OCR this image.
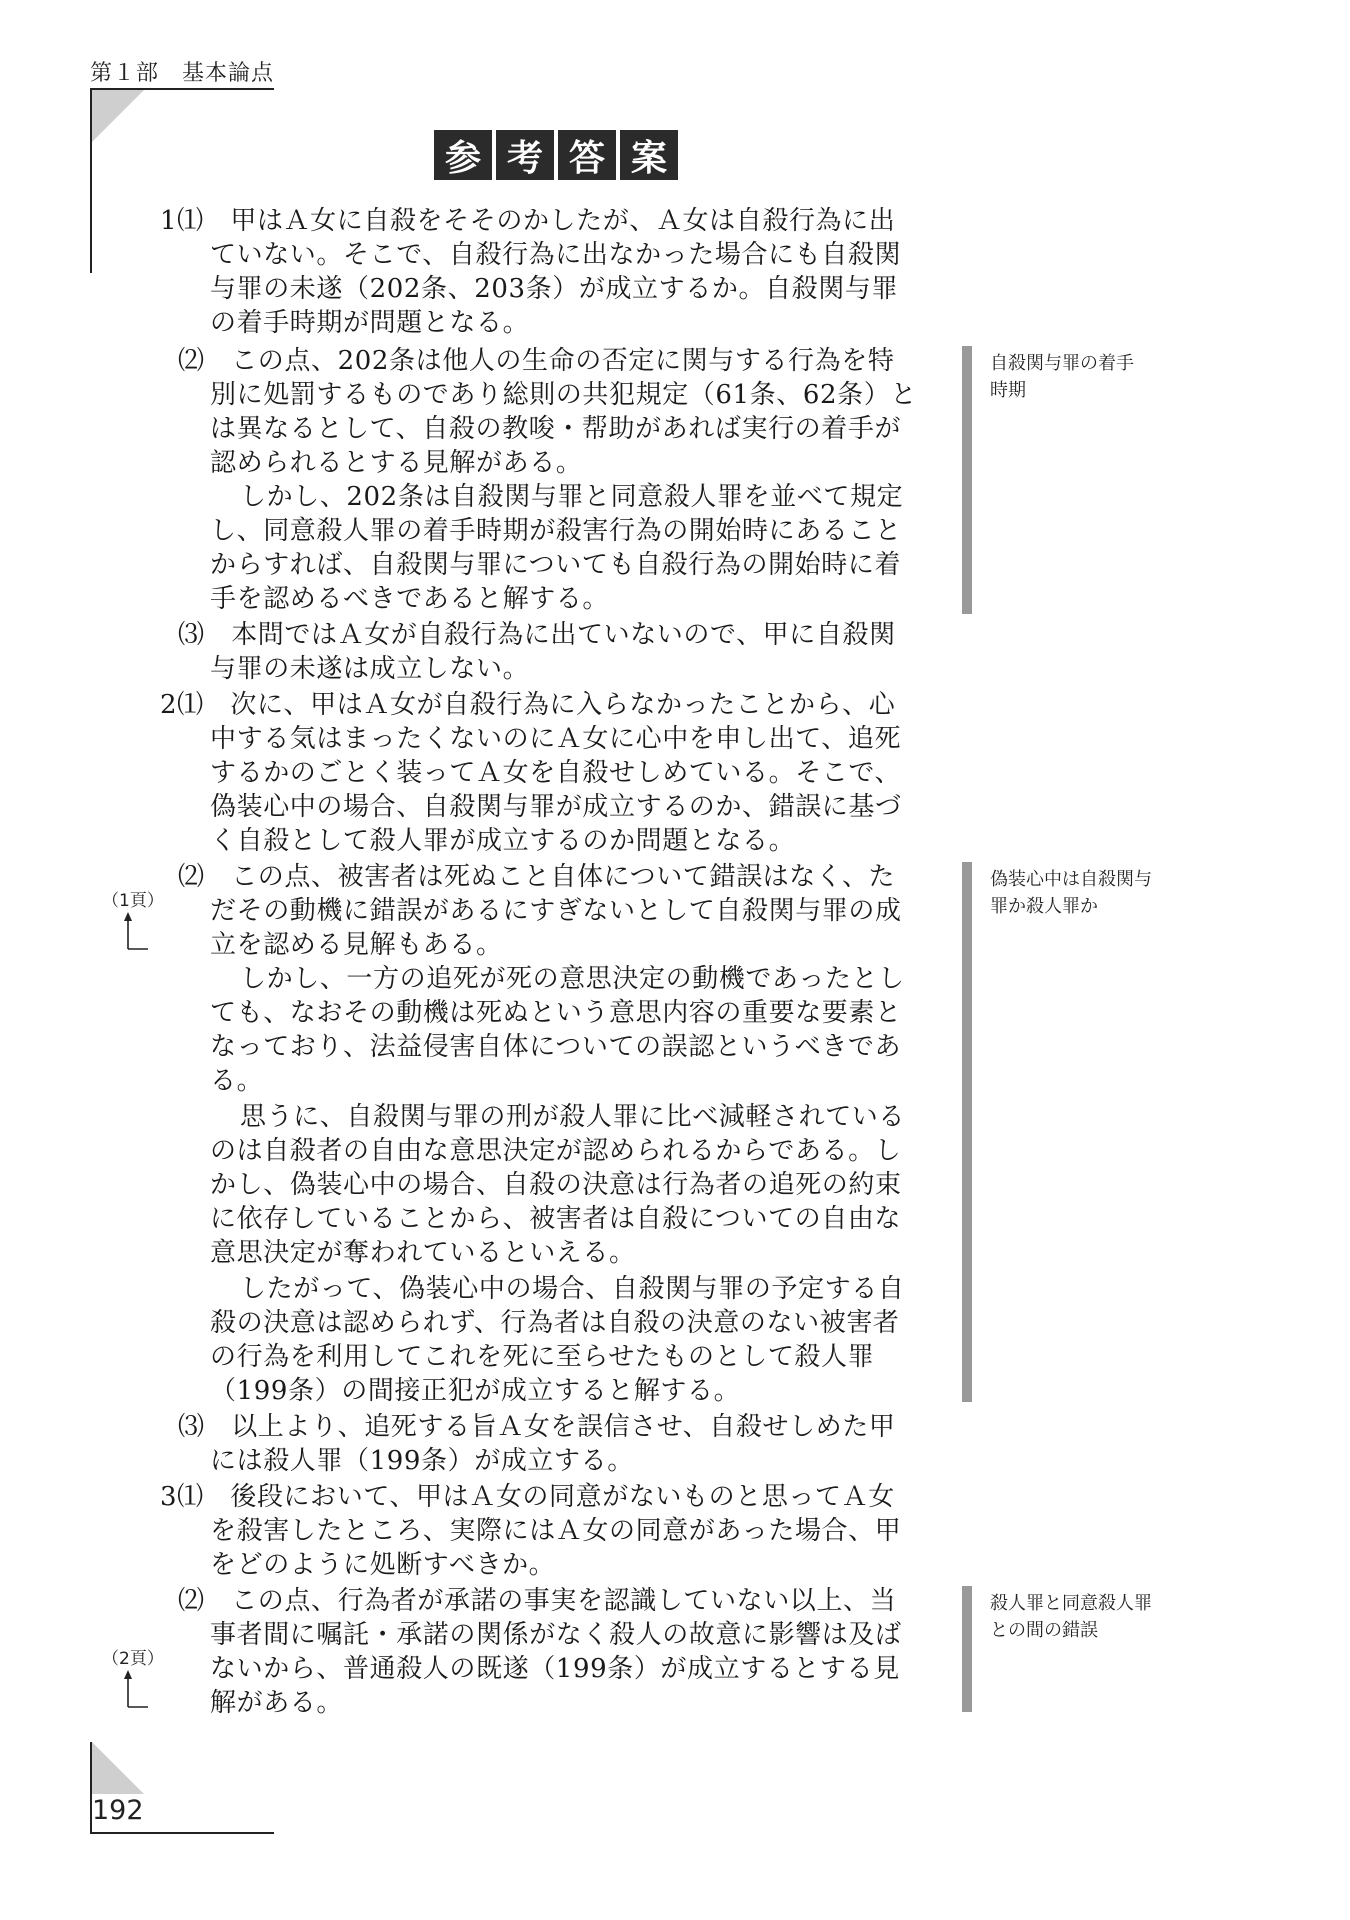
第１部　基本論点
参 考 答 案
1⑴　甲はＡ女に自殺をそそのかしたが、Ａ女は自殺行為に出
ていない。そこで、自殺行為に出なかった場合にも自殺関
与罪の未遂（202条、203条）が成立するか。自殺関与罪
の着手時期が問題となる。
⑵　この点、202条は他人の生命の否定に関与する行為を特
別に処罰するものであり総則の共犯規定（61条、62条）と
は異なるとして、自殺の教唆・帮助があれば実行の着手が
認められるとする見解がある。
しかし、202条は自殺関与罪と同意殺人罪を並べて規定
し、同意殺人罪の着手時期が殺害行為の開始時にあること
からすれば、自殺関与罪についても自殺行為の開始時に着
手を認めるべきであると解する。
⑶　本問ではＡ女が自殺行為に出ていないので、甲に自殺関
与罪の未遂は成立しない。
2⑴　次に、甲はＡ女が自殺行為に入らなかったことから、心
中する気はまったくないのにＡ女に心中を申し出て、追死
するかのごとく装ってＡ女を自殺せしめている。そこで、
偽装心中の場合、自殺関与罪が成立するのか、錯誤に基づ
く自殺として殺人罪が成立するのか問題となる。
⑵　この点、被害者は死ぬこと自体について錯誤はなく、た
だその動機に錯誤があるにすぎないとして自殺関与罪の成
立を認める見解もある。
しかし、一方の追死が死の意思決定の動機であったとし
ても、なおその動機は死ぬという意思内容の重要な要素と
なっており、法益侵害自体についての誤認というべきであ
る。
思うに、自殺関与罪の刑が殺人罪に比べ減軽されている
のは自殺者の自由な意思決定が認められるからである。し
かし、偽装心中の場合、自殺の決意は行為者の追死の約束
に依存していることから、被害者は自殺についての自由な
意思決定が奪われているといえる。
したがって、偽装心中の場合、自殺関与罪の予定する自
殺の決意は認められず、行為者は自殺の決意のない被害者
の行為を利用してこれを死に至らせたものとして殺人罪
（199条）の間接正犯が成立すると解する。
⑶　以上より、追死する旨Ａ女を誤信させ、自殺せしめた甲
には殺人罪（199条）が成立する。
3⑴　後段において、甲はＡ女の同意がないものと思ってＡ女
を殺害したところ、実際にはＡ女の同意があった場合、甲
をどのように処断すべきか。
⑵　この点、行為者が承諾の事実を認識していない以上、当
事者間に嘱託・承諾の関係がなく殺人の故意に影響は及ば
ないから、普通殺人の既遂（199条）が成立するとする見
解がある。
自殺関与罪の着手
時期
偽装心中は自殺関与
罪か殺人罪か
殺人罪と同意殺人罪
との間の錯誤
（1頁）
（2頁）
192
